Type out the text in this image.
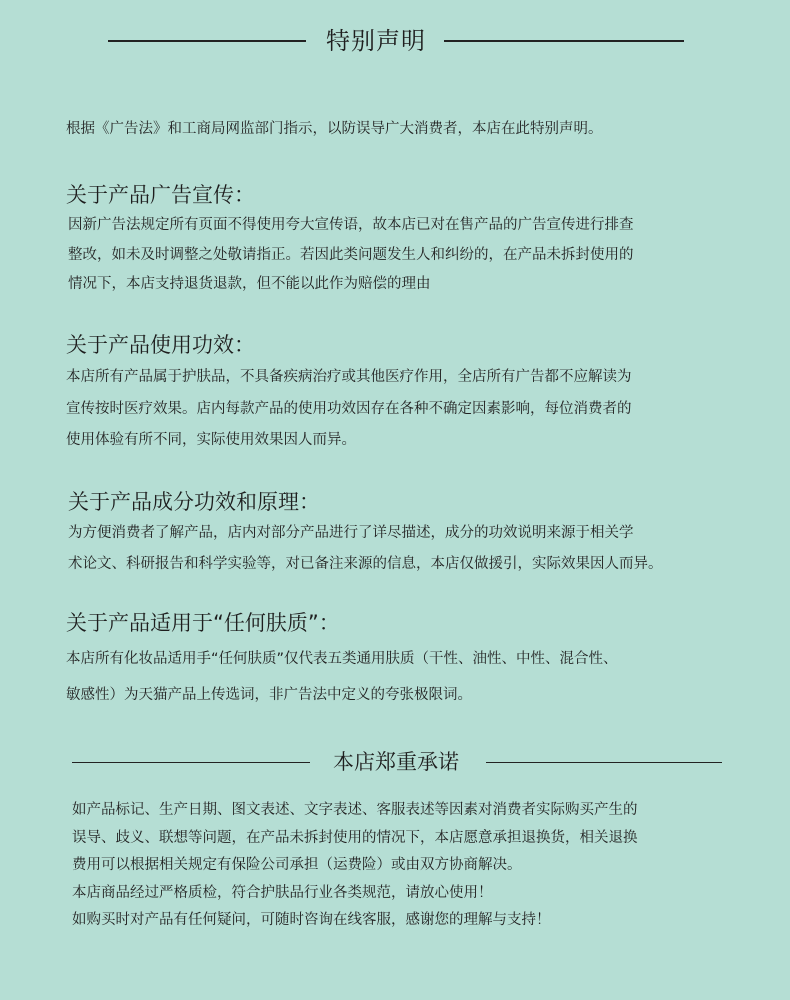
特别声明
根据《广告法》和工商局网监部门指示，以防误导广大消费者，本店在此特别声明。
关于产品广告宣传：

因新广告法规定所有页面不得使用夸大宣传语，故本店已对在售产品的广告宣传进行排查

整改，如未及时调整之处敬请指正。若因此类问题发生人和纠纷的，在产品未拆封使用的

情况下，本店支持退货退款，但不能以此作为赔偿的理由

关于产品使用功效：

本店所有产品属于护肤品，不具备疾病治疗或其他医疗作用，全店所有广告都不应解读为

宣传按时医疗效果。店内每款产品的使用功效因存在各种不确定因素影响，每位消费者的

使用体验有所不同，实际使用效果因人而异。

关于产品成分功效和原理：

为方便消费者了解产品，店内对部分产品进行了详尽描述，成分的功效说明来源于相关学

术论文、科研报告和科学实验等，对已备注来源的信息，本店仅做援引，实际效果因人而异。

关于产品适用于“任何肤质”：

本店所有化妆品适用手“任何肤质”仅代表五类通用肤质（干性、油性、中性、混合性、

敏感性）为天猫产品上传选词，非广告法中定义的夸张极限词。

本店郑重承诺

如产品标记、生产日期、图文表述、文字表述、客服表述等因素对消费者实际购买产生的

误导、歧义、联想等问题，在产品未拆封使用的情况下，本店愿意承担退换货，相关退换

费用可以根据相关规定有保险公司承担（运费险）或由双方协商解决。

本店商品经过严格质检，符合护肤品行业各类规范，请放心使用！

如购买时对产品有任何疑问，可随时咨询在线客服，感谢您的理解与支持！
